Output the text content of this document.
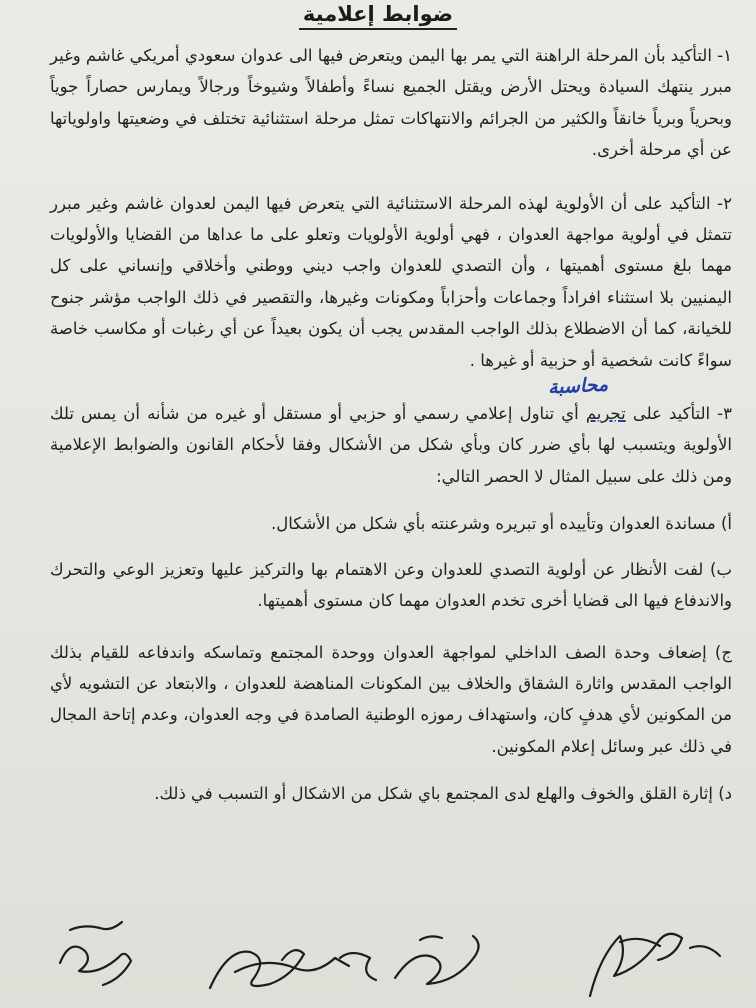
ضوابط إعلامية

١- التأكيد بأن المرحلة الراهنة التي يمر بها اليمن ويتعرض فيها الى عدوان سعودي أمريكي غاشم وغير مبرر ينتهك السيادة ويحتل الأرض ويقتل الجميع نساءً وأطفالاً وشيوخاً ورجالاً ويمارس حصاراً جوياً وبحرياً وبرياً خانقاً والكثير من الجرائم والانتهاكات تمثل مرحلة استثنائية تختلف في وضعيتها واولوياتها عن أي مرحلة أخرى.

٢- التأكيد على أن الأولوية لهذه المرحلة الاستثنائية التي يتعرض فيها اليمن لعدوان غاشم وغير مبرر تتمثل في أولوية مواجهة العدوان ، فهي أولوية الأولويات وتعلو على ما عداها من القضايا والأولويات مهما بلغ مستوى أهميتها ، وأن التصدي للعدوان واجب ديني ووطني وأخلاقي وإنساني على كل اليمنيين بلا استثناء افراداً وجماعات وأحزاباً ومكونات وغيرها، والتقصير في ذلك الواجب مؤشر جنوح للخيانة، كما أن الاضطلاع بذلك الواجب المقدس يجب أن يكون بعيداً عن أي رغبات أو مكاسب خاصة سواءً كانت شخصية أو حزبية أو غيرها .

محاسبة
٣- التأكيد على تجريم أي تناول إعلامي رسمي أو حزبي أو مستقل أو غيره من شأنه أن يمس تلك الأولوية ويتسبب لها بأي ضرر كان وبأي شكل من الأشكال وفقا لأحكام القانون والضوابط الإعلامية ومن ذلك على سبيل المثال لا الحصر التالي:

أ) مساندة العدوان وتأييده أو تبريره وشرعنته بأي شكل من الأشكال.

ب) لفت الأنظار عن أولوية التصدي للعدوان وعن الاهتمام بها والتركيز عليها وتعزيز الوعي والتحرك والاندفاع فيها الى قضايا أخرى تخدم العدوان مهما كان مستوى أهميتها.

ج) إضعاف وحدة الصف الداخلي لمواجهة العدوان ووحدة المجتمع وتماسكه واندفاعه للقيام بذلك الواجب المقدس واثارة الشقاق والخلاف بين المكونات المناهضة للعدوان ، والابتعاد عن التشويه لأي من المكونين لأي هدفٍ كان، واستهداف رموزه الوطنية الصامدة في وجه العدوان، وعدم إتاحة المجال في ذلك عبر وسائل إعلام المكونين.

د) إثارة القلق والخوف والهلع لدى المجتمع باي شكل من الاشكال أو التسبب في ذلك.
